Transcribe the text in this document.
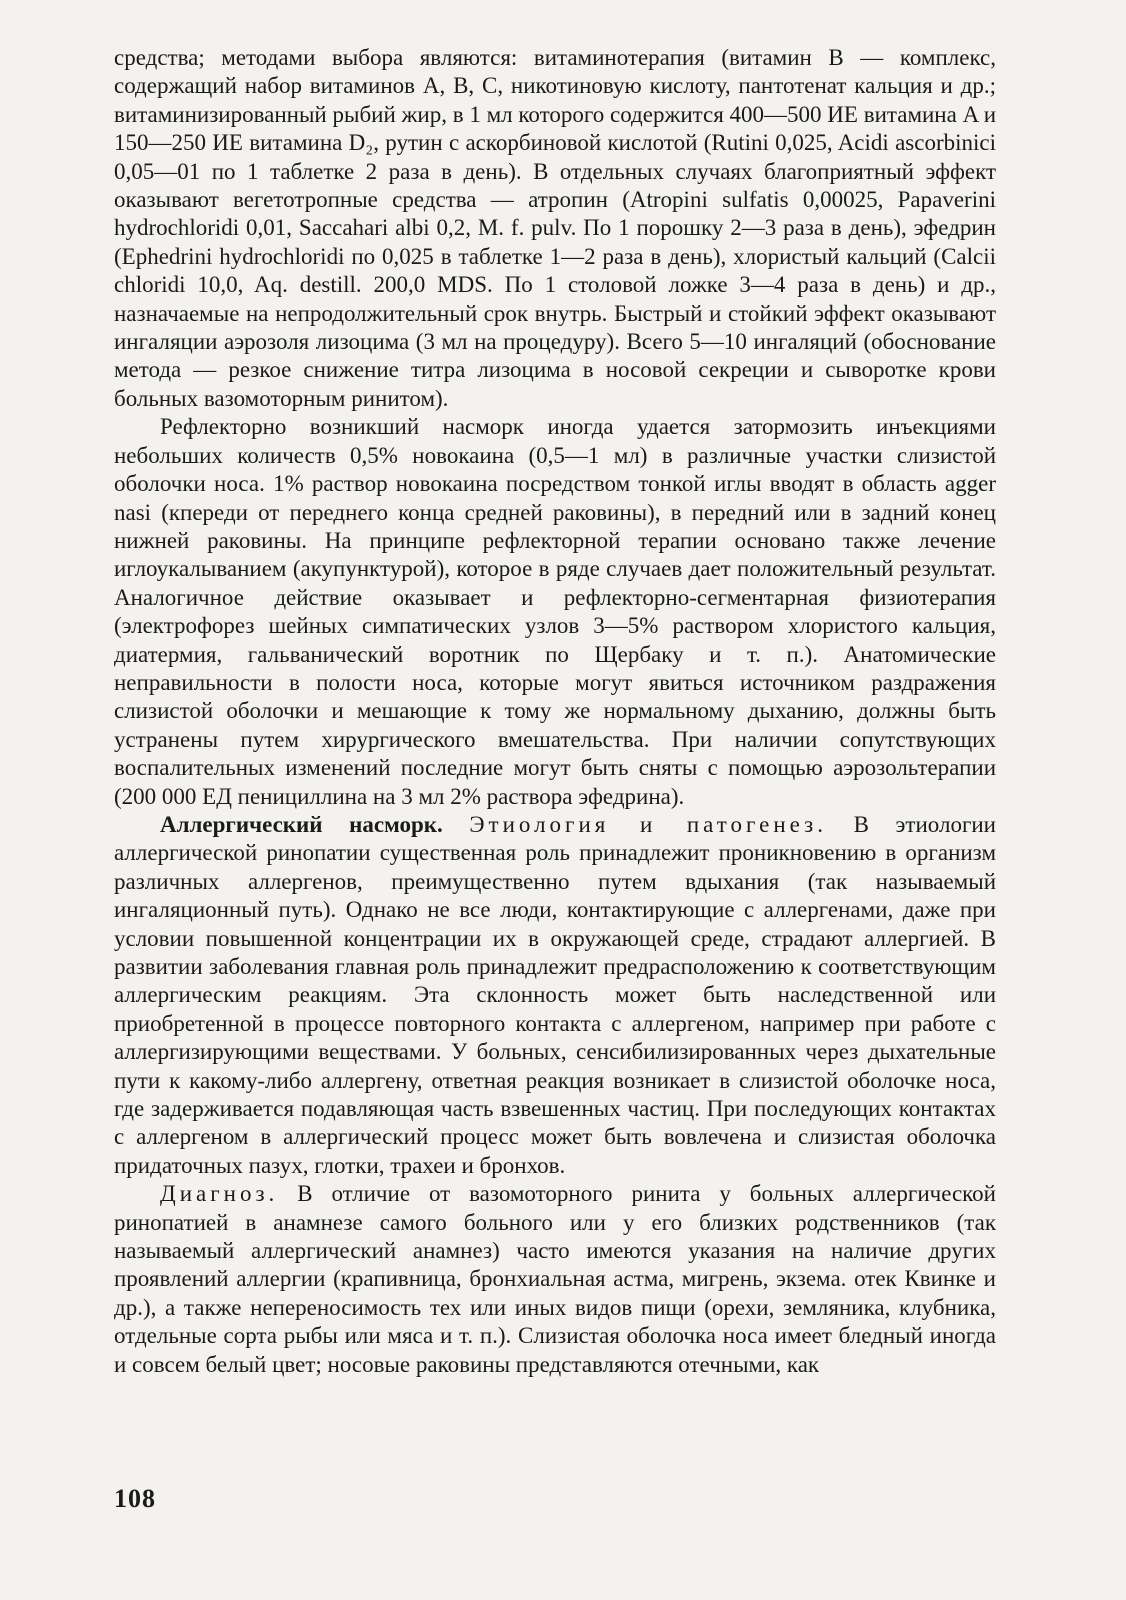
средства; методами выбора являются: витаминотерапия (витамин B — комплекс, содержащий набор витаминов A, B, C, никотиновую кислоту, пантотенат кальция и др.; витаминизированный рыбий жир, в 1 мл которого содержится 400—500 ИЕ витамина A и 150—250 ИЕ витамина D₂, рутин с аскорбиновой кислотой (Rutini 0,025, Acidi ascorbinici 0,05—01 по 1 таблетке 2 раза в день). В отдельных случаях благоприятный эффект оказывают вегетотропные средства — атропин (Atropini sulfatis 0,00025, Papaverini hydrochloridi 0,01, Saccahari albi 0,2, M. f. pulv. По 1 порошку 2—3 раза в день), эфедрин (Ephedrini hydrochloridi по 0,025 в таблетке 1—2 раза в день), хлористый кальций (Calcii chloridi 10,0, Aq. destill. 200,0 MDS. По 1 столовой ложке 3—4 раза в день) и др., назначаемые на непродолжительный срок внутрь. Быстрый и стойкий эффект оказывают ингаляции аэрозоля лизоцима (3 мл на процедуру). Всего 5—10 ингаляций (обоснование метода — резкое снижение титра лизоцима в носовой секреции и сыворотке крови больных вазомоторным ринитом).

Рефлекторно возникший насморк иногда удается затормозить инъекциями небольших количеств 0,5% новокаина (0,5—1 мл) в различные участки слизистой оболочки носа. 1% раствор новокаина посредством тонкой иглы вводят в область agger nasi (кпереди от переднего конца средней раковины), в передний или в задний конец нижней раковины. На принципе рефлекторной терапии основано также лечение иглоукалыванием (акупунктурой), которое в ряде случаев дает положительный результат. Аналогичное действие оказывает и рефлекторно-сегментарная физиотерапия (электрофорез шейных симпатических узлов 3—5% раствором хлористого кальция, диатермия, гальванический воротник по Щербаку и т. п.). Анатомические неправильности в полости носа, которые могут явиться источником раздражения слизистой оболочки и мешающие к тому же нормальному дыханию, должны быть устранены путем хирургического вмешательства. При наличии сопутствующих воспалительных изменений последние могут быть сняты с помощью аэрозольтерапии (200 000 ЕД пенициллина на 3 мл 2% раствора эфедрина).

Аллергический насморк. Этиология и патогенез. В этиологии аллергической ринопатии существенная роль принадлежит проникновению в организм различных аллергенов, преимущественно путем вдыхания (так называемый ингаляционный путь). Однако не все люди, контактирующие с аллергенами, даже при условии повышенной концентрации их в окружающей среде, страдают аллергией. В развитии заболевания главная роль принадлежит предрасположению к соответствующим аллергическим реакциям. Эта склонность может быть наследственной или приобретенной в процессе повторного контакта с аллергеном, например при работе с аллергизирующими веществами. У больных, сенсибилизированных через дыхательные пути к какому-либо аллергену, ответная реакция возникает в слизистой оболочке носа, где задерживается подавляющая часть взвешенных частиц. При последующих контактах с аллергеном в аллергический процесс может быть вовлечена и слизистая оболочка придаточных пазух, глотки, трахеи и бронхов.

Диагноз. В отличие от вазомоторного ринита у больных аллергической ринопатией в анамнезе самого больного или у его близких родственников (так называемый аллергический анамнез) часто имеются указания на наличие других проявлений аллергии (крапивница, бронхиальная астма, мигрень, экзема. отек Квинке и др.), а также непереносимость тех или иных видов пищи (орехи, земляника, клубника, отдельные сорта рыбы или мяса и т. п.). Слизистая оболочка носа имеет бледный иногда и совсем белый цвет; носовые раковины представляются отечными, как

108
